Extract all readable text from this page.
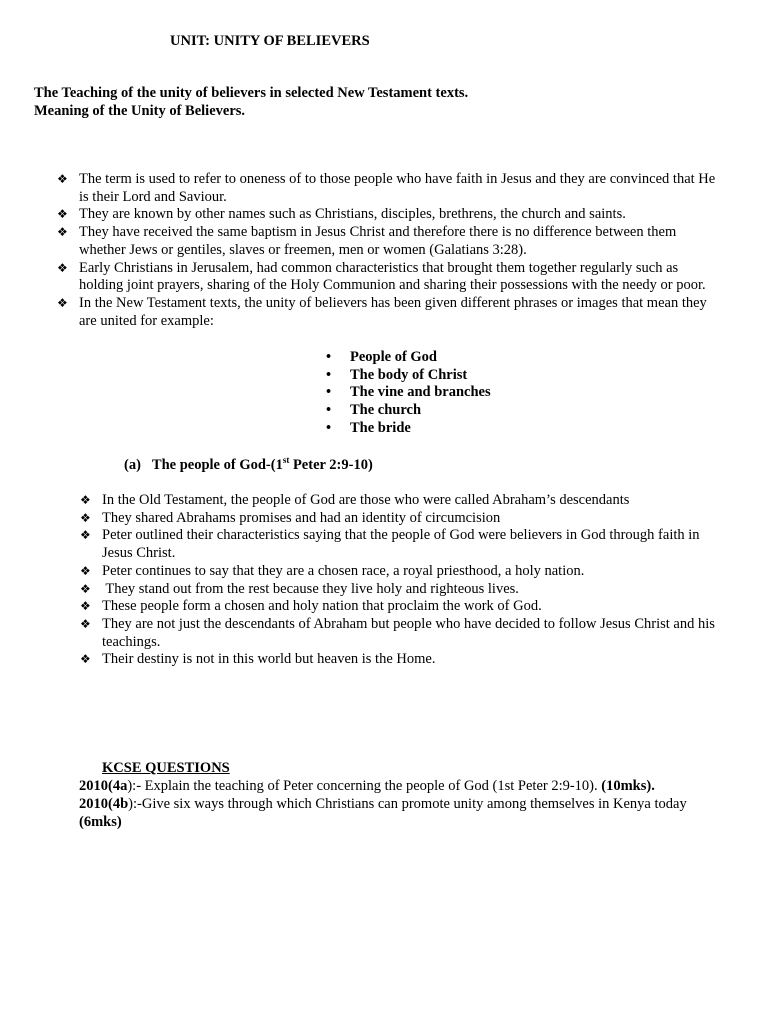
UNIT: UNITY OF BELIEVERS
The Teaching of the unity of believers in selected New Testament texts.
Meaning of the Unity of Believers.
❖ The term is used to refer to oneness of to those people who have faith in Jesus and they are convinced that He is their Lord and Saviour.
❖ They are known by other names such as Christians, disciples, brethrens, the church and saints.
❖ They have received the same baptism in Jesus Christ and therefore there is no difference between them whether Jews or gentiles, slaves or freemen, men or women (Galatians 3:28).
❖ Early Christians in Jerusalem, had common characteristics that brought them together regularly such as holding joint prayers, sharing of the Holy Communion and sharing their possessions with the needy or poor.
❖ In the New Testament texts, the unity of believers has been given different phrases or images that mean they are united for example:
• People of God
• The body of Christ
• The vine and branches
• The church
• The bride
(a) The people of God-(1st Peter 2:9-10)
❖ In the Old Testament, the people of God are those who were called Abraham’s descendants
❖ They shared Abrahams promises and had an identity of circumcision
❖ Peter outlined their characteristics saying that the people of God were believers in God through faith in Jesus Christ.
❖ Peter continues to say that they are a chosen race, a royal priesthood, a holy nation.
❖ They stand out from the rest because they live holy and righteous lives.
❖ These people form a chosen and holy nation that proclaim the work of God.
❖ They are not just the descendants of Abraham but people who have decided to follow Jesus Christ and his teachings.
❖ Their destiny is not in this world but heaven is the Home.
KCSE QUESTIONS
2010(4a):- Explain the teaching of Peter concerning the people of God (1st Peter 2:9-10). (10mks).
2010(4b):-Give six ways through which Christians can promote unity among themselves in Kenya today
(6mks)
